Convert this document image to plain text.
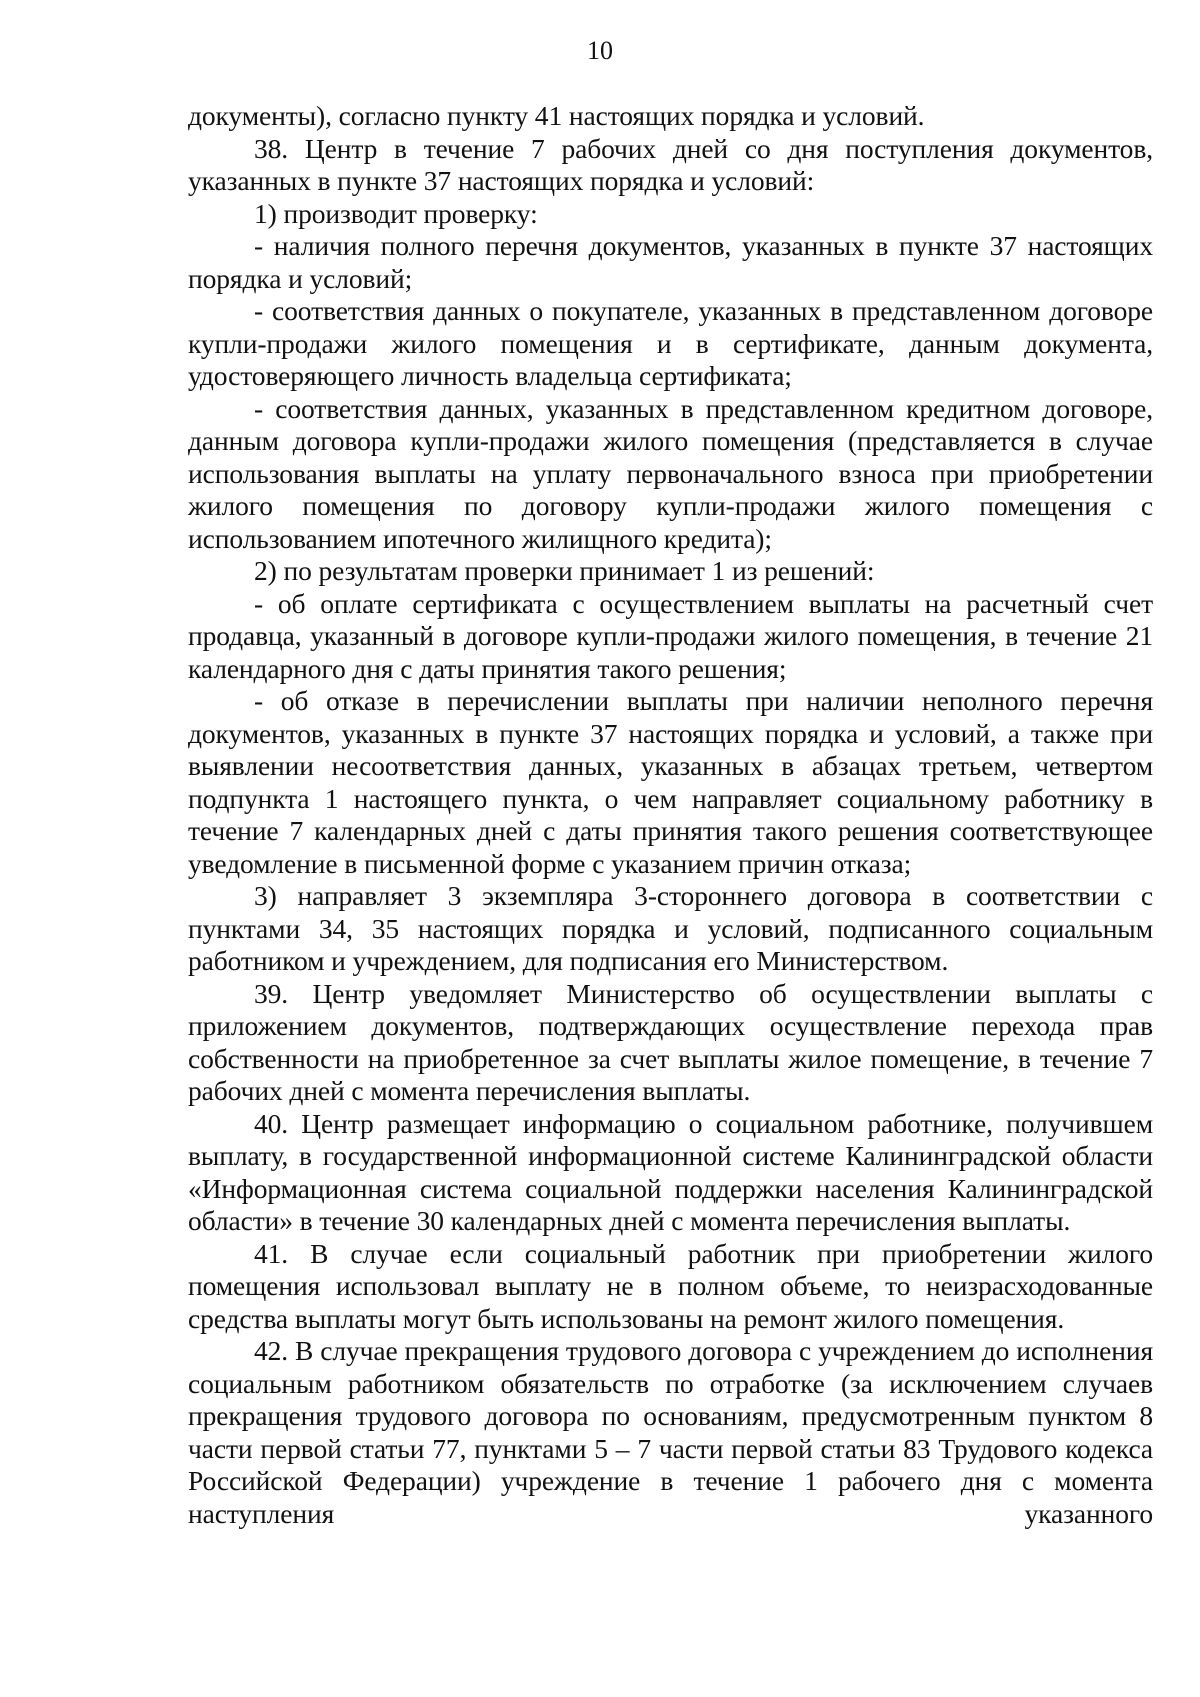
10

документы), согласно пункту 41 настоящих порядка и условий.

38. Центр в течение 7 рабочих дней со дня поступления документов, указанных в пункте 37 настоящих порядка и условий:

1) производит проверку:

- наличия полного перечня документов, указанных в пункте 37 настоящих порядка и условий;

- соответствия данных о покупателе, указанных в представленном договоре купли-продажи жилого помещения и в сертификате, данным документа, удостоверяющего личность владельца сертификата;

- соответствия данных, указанных в представленном кредитном договоре, данным договора купли-продажи жилого помещения (представляется в случае использования выплаты на уплату первоначального взноса при приобретении жилого помещения по договору купли-продажи жилого помещения с использованием ипотечного жилищного кредита);

2) по результатам проверки принимает 1 из решений:

- об оплате сертификата с осуществлением выплаты на расчетный счет продавца, указанный в договоре купли-продажи жилого помещения, в течение 21 календарного дня с даты принятия такого решения;

- об отказе в перечислении выплаты при наличии неполного перечня документов, указанных в пункте 37 настоящих порядка и условий, а также при выявлении несоответствия данных, указанных в абзацах третьем, четвертом подпункта 1 настоящего пункта, о чем направляет социальному работнику в течение 7 календарных дней с даты принятия такого решения соответствующее уведомление в письменной форме с указанием причин отказа;

3) направляет 3 экземпляра 3-стороннего договора в соответствии с пунктами 34, 35 настоящих порядка и условий, подписанного социальным работником и учреждением, для подписания его Министерством.

39. Центр уведомляет Министерство об осуществлении выплаты с приложением документов, подтверждающих осуществление перехода прав собственности на приобретенное за счет выплаты жилое помещение, в течение 7 рабочих дней с момента перечисления выплаты.

40. Центр размещает информацию о социальном работнике, получившем выплату, в государственной информационной системе Калининградской области «Информационная система социальной поддержки населения Калининградской области» в течение 30 календарных дней с момента перечисления выплаты.

41. В случае если социальный работник при приобретении жилого помещения использовал выплату не в полном объеме, то неизрасходованные средства выплаты могут быть использованы на ремонт жилого помещения.

42. В случае прекращения трудового договора с учреждением до исполнения социальным работником обязательств по отработке (за исключением случаев прекращения трудового договора по основаниям, предусмотренным пунктом 8 части первой статьи 77, пунктами 5 – 7 части первой статьи 83 Трудового кодекса Российской Федерации) учреждение в течение 1 рабочего дня с момента наступления указанного
